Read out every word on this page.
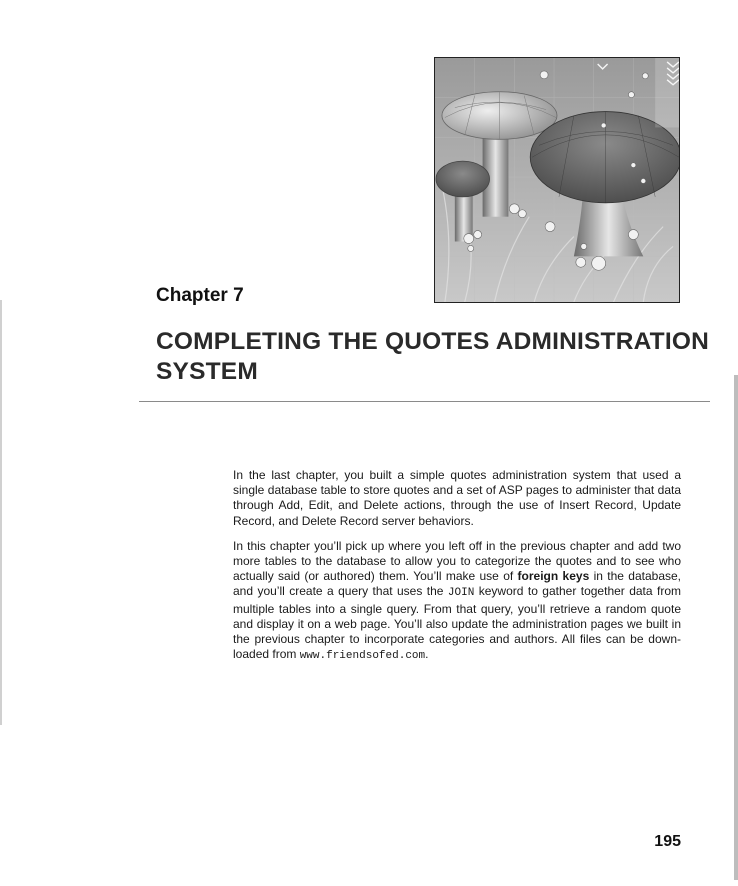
Chapter 7
COMPLETING THE QUOTES ADMINISTRATION SYSTEM

In the last chapter, you built a simple quotes administration system that used a single database table to store quotes and a set of ASP pages to administer that data through Add, Edit, and Delete actions, through the use of Insert Record, Update Record, and Delete Record server behaviors.

In this chapter you’ll pick up where you left off in the previous chapter and add two more tables to the database to allow you to categorize the quotes and to see who actually said (or authored) them. You’ll make use of foreign keys in the database, and you’ll create a query that uses the JOIN keyword to gather together data from multiple tables into a single query. From that query, you’ll retrieve a random quote and display it on a web page. You’ll also update the administration pages we built in the previous chapter to incorporate categories and authors. All files can be down-loaded from www.friendsofed.com.

195
